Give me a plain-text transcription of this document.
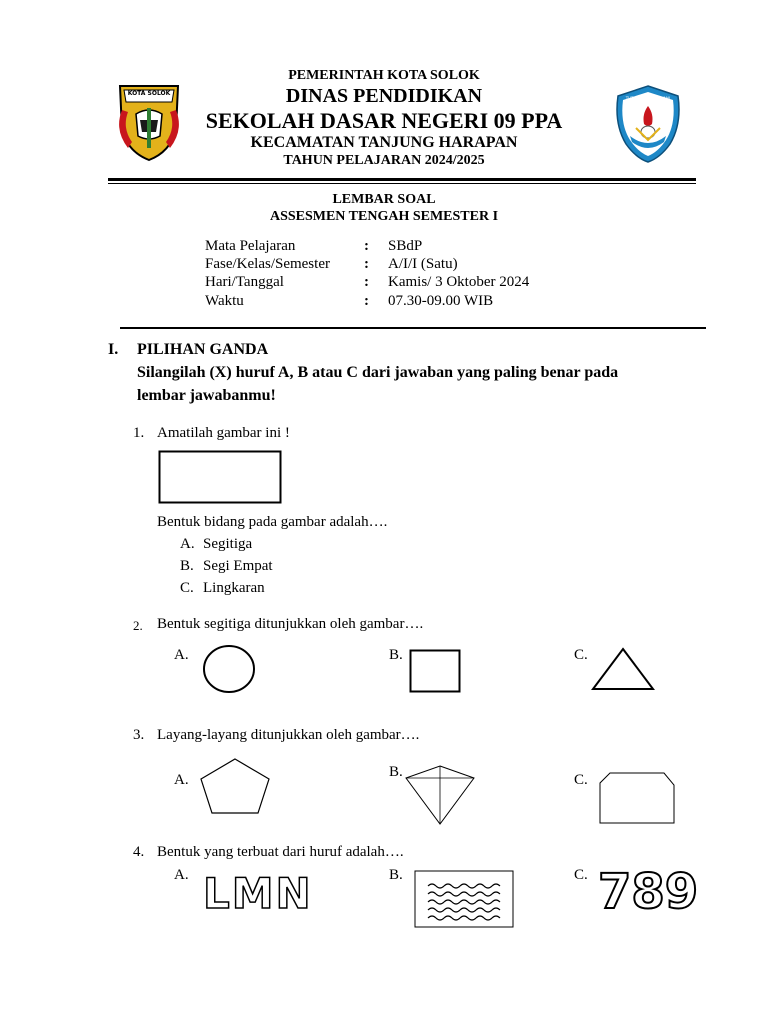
KOTA SOLOK
TUT WURI HANDAYANI
PEMERINTAH KOTA SOLOK
DINAS PENDIDIKAN
SEKOLAH DASAR NEGERI 09 PPA
KECAMATAN TANJUNG HARAPAN
TAHUN PELAJARAN 2024/2025
LEMBAR SOAL
ASSESMEN TENGAH SEMESTER I
Mata Pelajaran	: SBdP
Fase/Kelas/Semester : A/I/I (Satu)
Hari/Tanggal	: Kamis/ 3 Oktober 2024
Waktu	: 07.30-09.00 WIB
I. PILIHAN GANDA
Silangilah (X) huruf A, B atau C dari jawaban yang paling benar pada
lembar jawabanmu!
1. Amatilah gambar ini !
Bentuk bidang pada gambar adalah….
A. Segitiga
B. Segi Empat
C. Lingkaran
2. Bentuk segitiga ditunjukkan oleh gambar….
A.	B.	C.
3. Layang-layang ditunjukkan oleh gambar….
A.	B.	C.
4. Bentuk yang terbuat dari huruf adalah….
A. LMN	B.	C. 789
